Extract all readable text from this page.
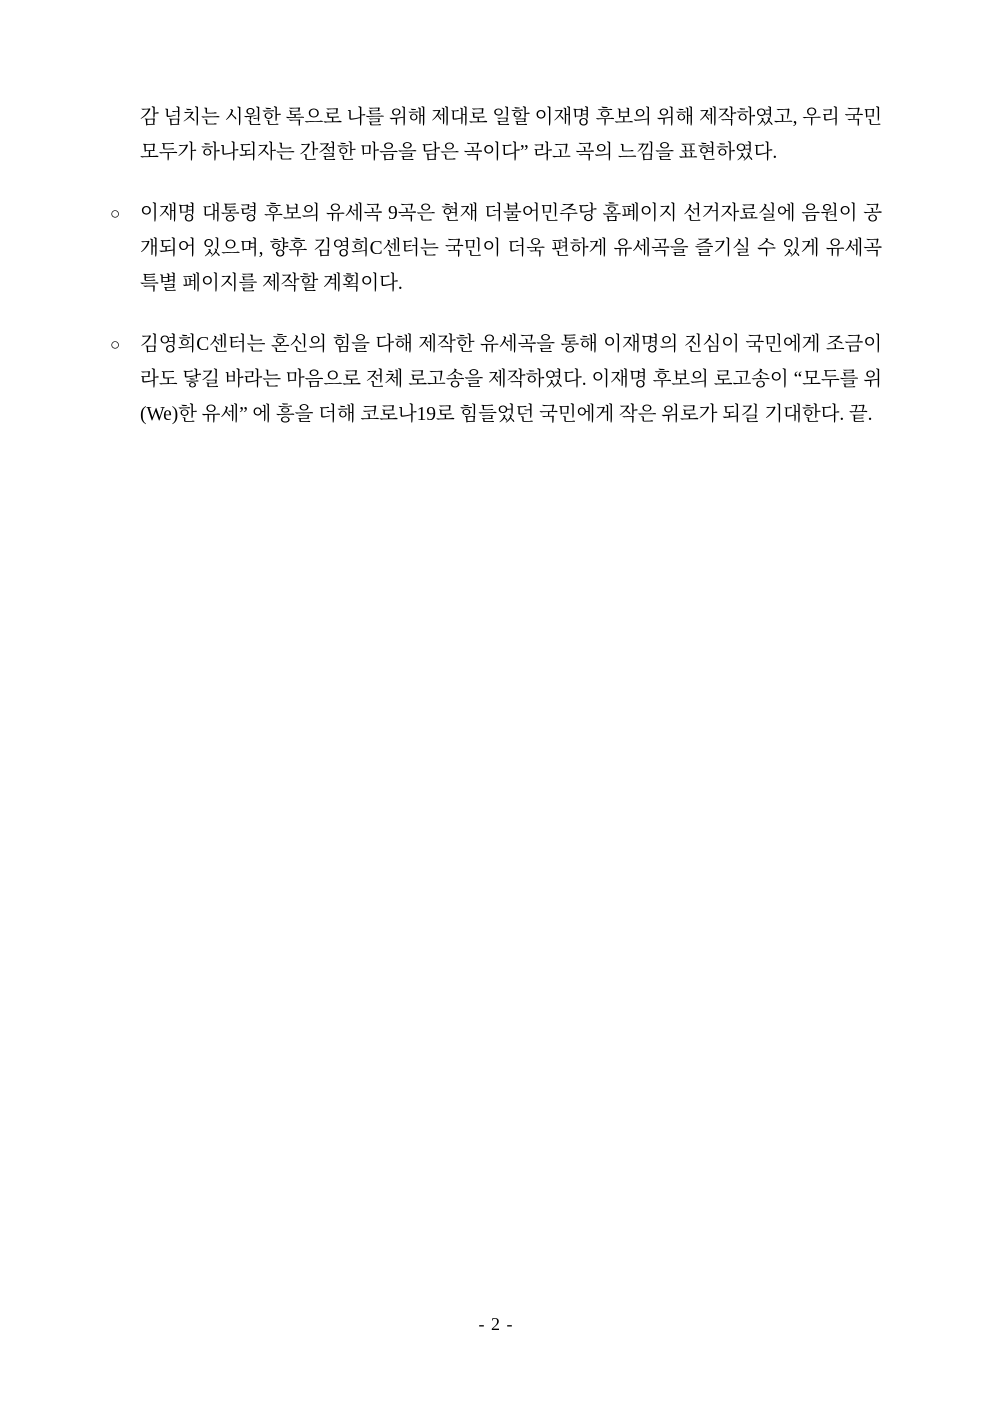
감 넘치는 시원한 록으로 나를 위해 제대로 일할 이재명 후보의 위해 제작하였고, 우리 국민 모두가 하나되자는 간절한 마음을 담은 곡이다” 라고 곡의 느낌을 표현하였다.
○ 이재명 대통령 후보의 유세곡 9곡은 현재 더불어민주당 홈페이지 선거자료실에 음원이 공개되어 있으며, 향후 김영희C센터는 국민이 더욱 편하게 유세곡을 즐기실 수 있게 유세곡 특별 페이지를 제작할 계획이다.
○ 김영희C센터는 혼신의 힘을 다해 제작한 유세곡을 통해 이재명의 진심이 국민에게 조금이라도 닿길 바라는 마음으로 전체 로고송을 제작하였다. 이재명 후보의 로고송이 “모두를 위(We)한 유세” 에 흥을 더해 코로나19로 힘들었던 국민에게 작은 위로가 되길 기대한다. 끝.
- 2 -
